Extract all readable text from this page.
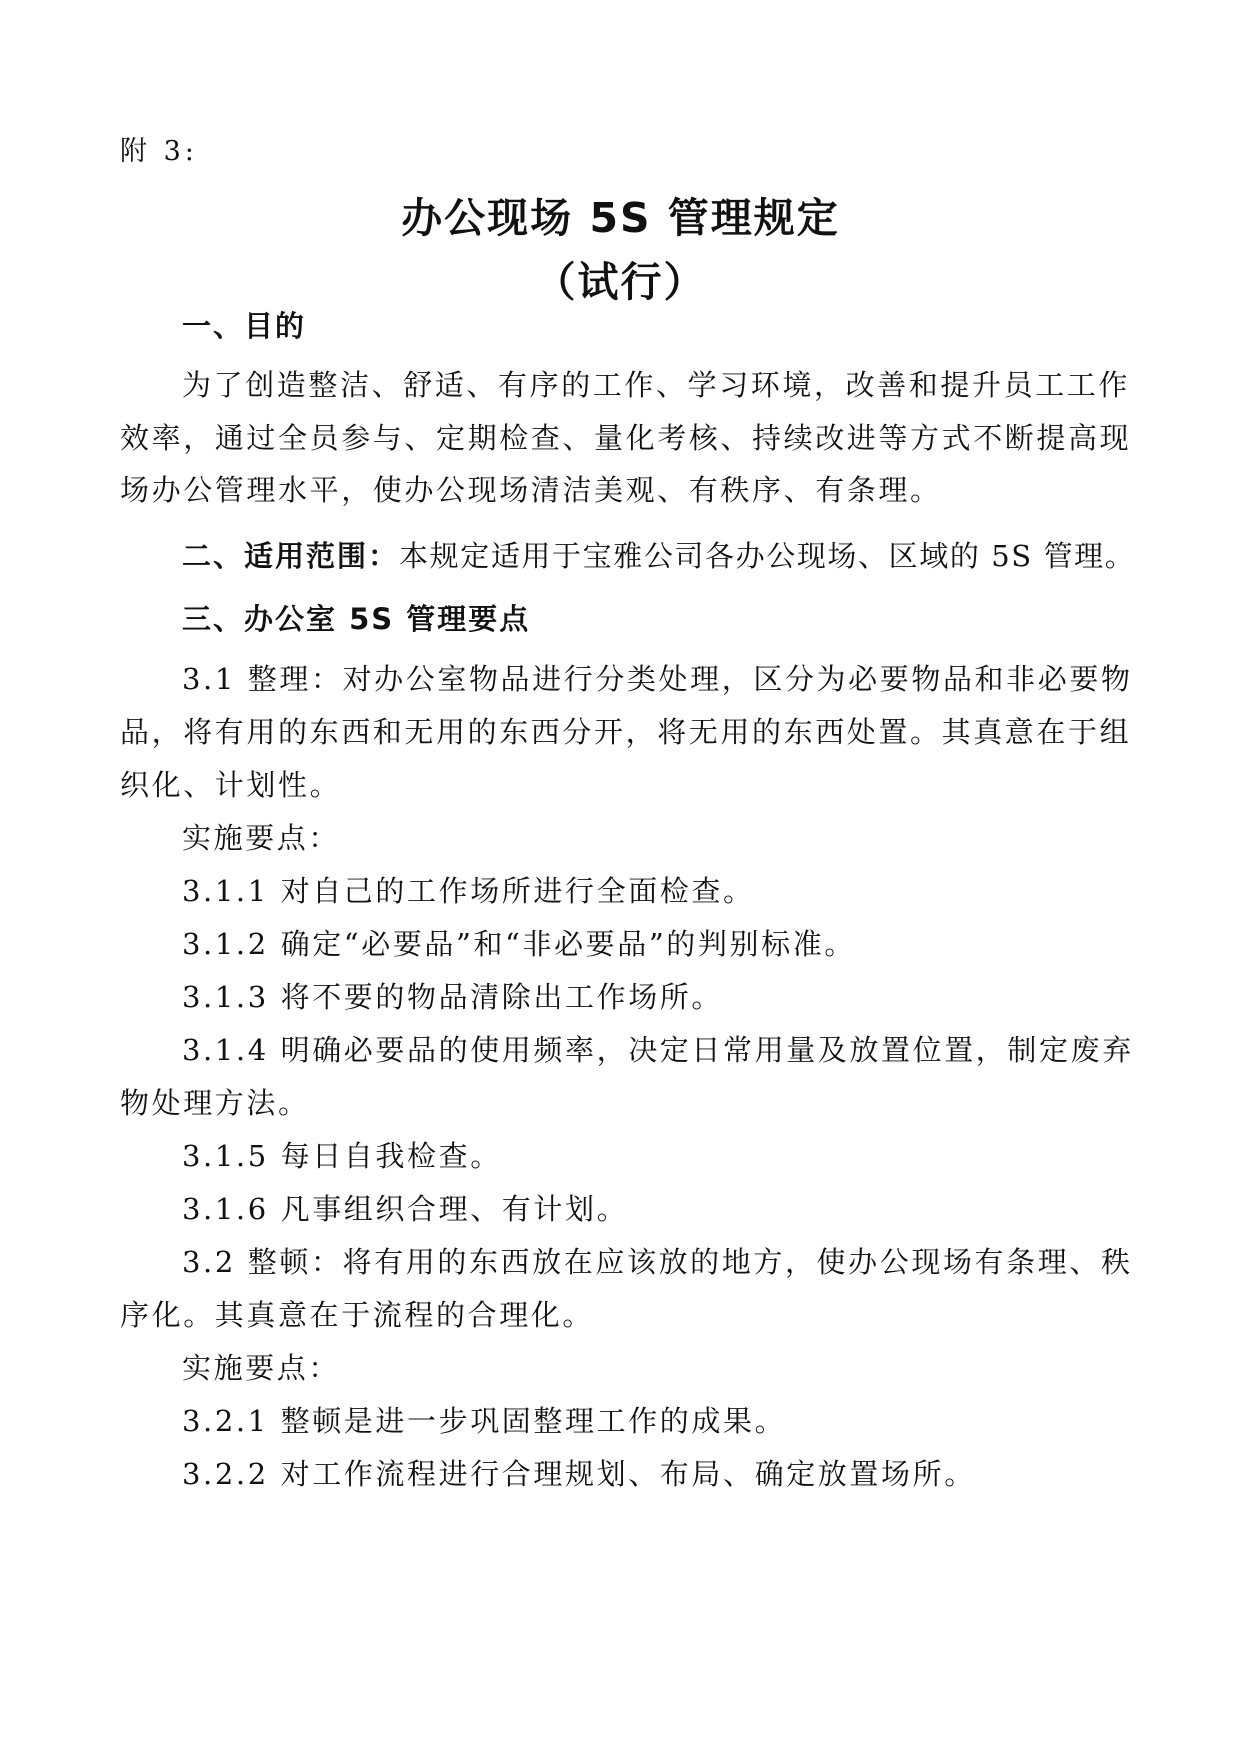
附 3:
办公现场 5S 管理规定
（试行）
一、目的
为了创造整洁、舒适、有序的工作、学习环境，改善和提升员工工作
效率，通过全员参与、定期检查、量化考核、持续改进等方式不断提高现
场办公管理水平，使办公现场清洁美观、有秩序、有条理。
二、适用范围：本规定适用于宝雅公司各办公现场、区域的 5S 管理。
三、办公室 5S 管理要点
3.1 整理：对办公室物品进行分类处理，区分为必要物品和非必要物
品，将有用的东西和无用的东西分开，将无用的东西处置。其真意在于组
织化、计划性。
实施要点：
3.1.1 对自己的工作场所进行全面检查。
3.1.2 确定“必要品”和“非必要品”的判别标准。
3.1.3 将不要的物品清除出工作场所。
3.1.4 明确必要品的使用频率，决定日常用量及放置位置，制定废弃
物处理方法。
3.1.5 每日自我检查。
3.1.6 凡事组织合理、有计划。
3.2 整顿：将有用的东西放在应该放的地方，使办公现场有条理、秩
序化。其真意在于流程的合理化。
实施要点：
3.2.1 整顿是进一步巩固整理工作的成果。
3.2.2 对工作流程进行合理规划、布局、确定放置场所。
